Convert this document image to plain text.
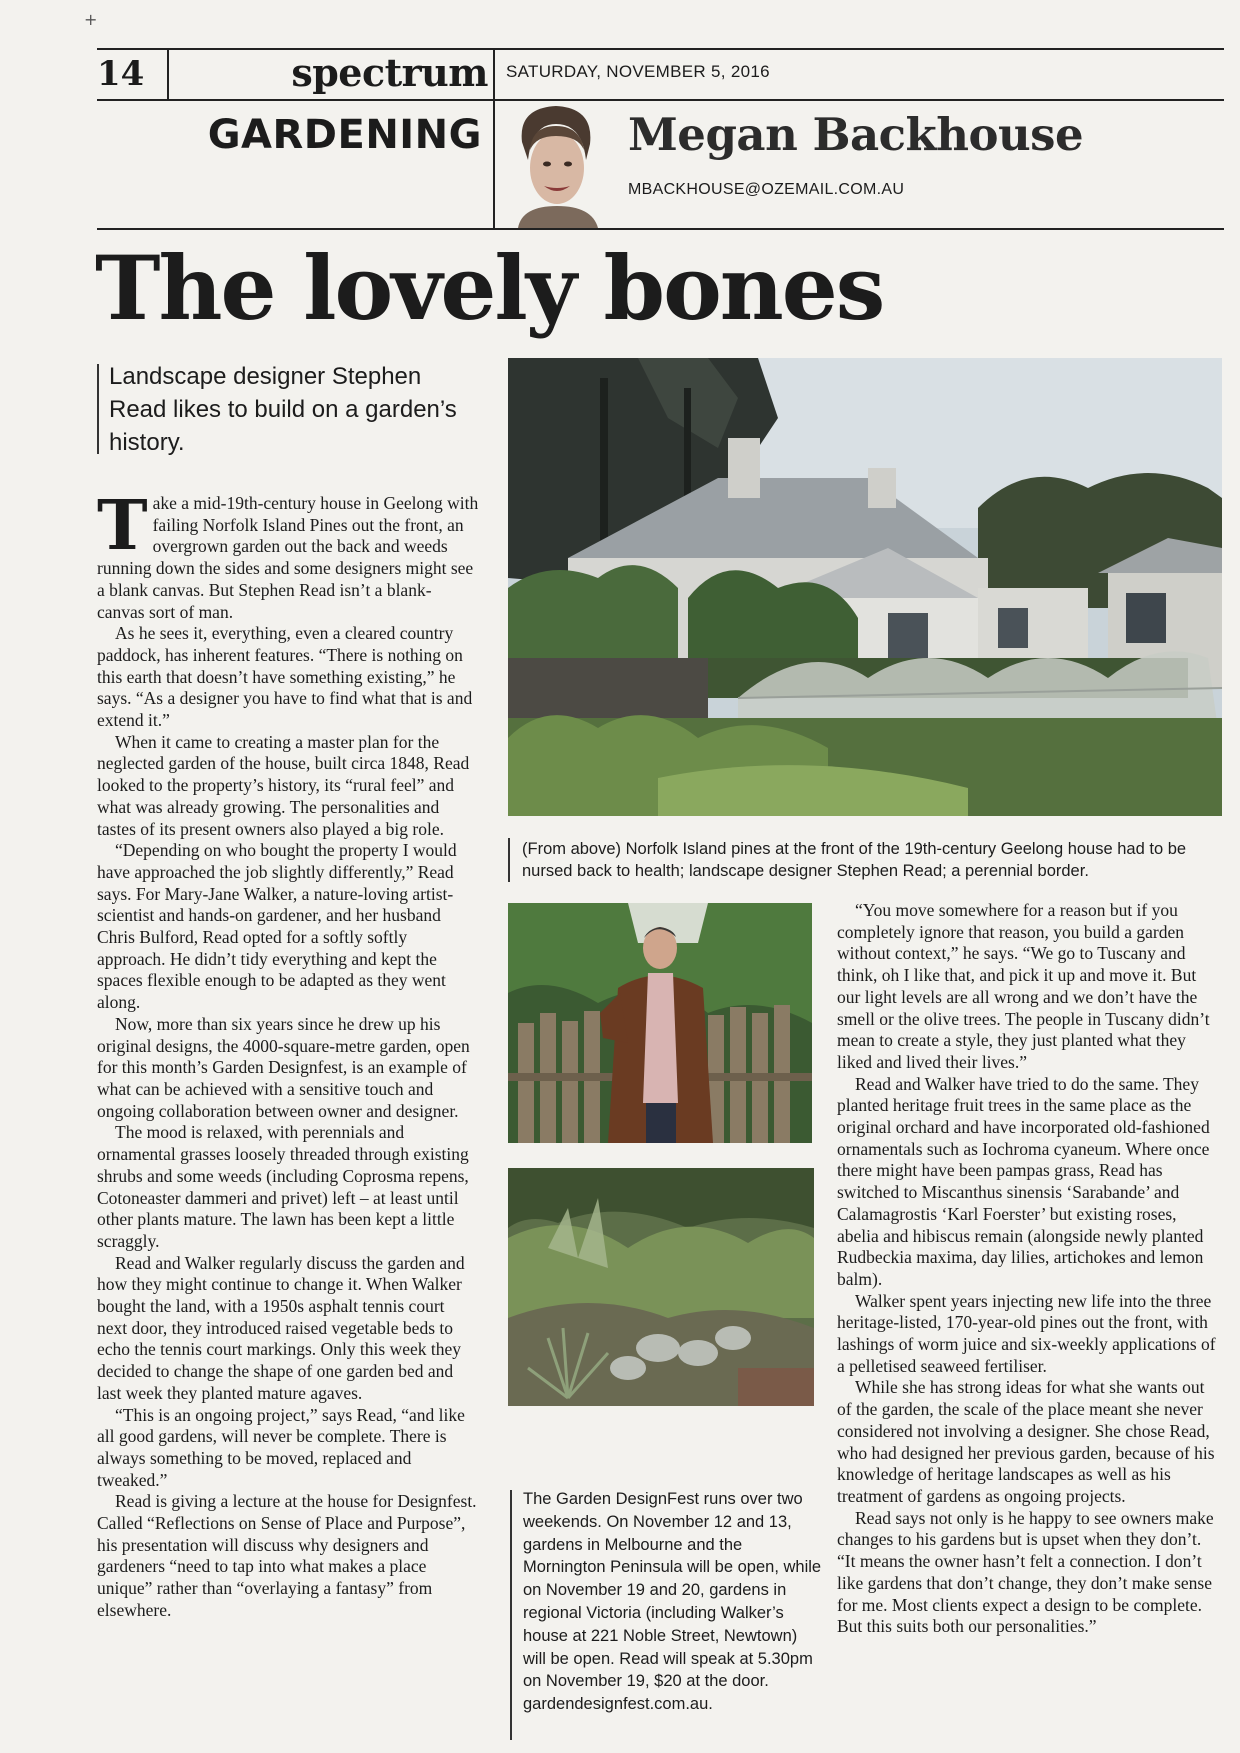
+
14	spectrum SATURDAY, NOVEMBER 5, 2016
GARDENING	Megan Backhouse
MBACKHOUSE@OZEMAIL.COM.AU
The lovely bones
Landscape designer Stephen Read likes to build on a garden’s history.

Take a mid-19th-century house in Geelong with failing Norfolk Island Pines out the front, an overgrown garden out the back and weeds running down the sides and some designers might see a blank canvas. But Stephen Read isn’t a blank-canvas sort of man.

As he sees it, everything, even a cleared country paddock, has inherent features. “There is nothing on this earth that doesn’t have something existing,” he says. “As a designer you have to find what that is and extend it.”

When it came to creating a master plan for the neglected garden of the house, built circa 1848, Read looked to the property’s history, its “rural feel” and what was already growing. The personalities and tastes of its present owners also played a big role.

“Depending on who bought the property I would have approached the job slightly differently,” Read says. For Mary-Jane Walker, a nature-loving artist-scientist and hands-on gardener, and her husband Chris Bulford, Read opted for a softly softly approach. He didn’t tidy everything and kept the spaces flexible enough to be adapted as they went along.

Now, more than six years since he drew up his original designs, the 4000-square-metre garden, open for this month’s Garden Designfest, is an example of what can be achieved with a sensitive touch and ongoing collaboration between owner and designer.

The mood is relaxed, with perennials and ornamental grasses loosely threaded through existing shrubs and some weeds (including Coprosma repens, Cotoneaster dammeri and privet) left – at least until other plants mature. The lawn has been kept a little scraggly.

Read and Walker regularly discuss the garden and how they might continue to change it. When Walker bought the land, with a 1950s asphalt tennis court next door, they introduced raised vegetable beds to echo the tennis court markings. Only this week they decided to change the shape of one garden bed and last week they planted mature agaves.

“This is an ongoing project,” says Read, “and like all good gardens, will never be complete. There is always something to be moved, replaced and tweaked.”

Read is giving a lecture at the house for Designfest. Called “Reflections on Sense of Place and Purpose”, his presentation will discuss why designers and gardeners “need to tap into what makes a place unique” rather than “overlaying a fantasy” from elsewhere.

(From above) Norfolk Island pines at the front of the 19th-century Geelong house had to be nursed back to health; landscape designer Stephen Read; a perennial border.
The Garden DesignFest runs over two weekends. On November 12 and 13, gardens in Melbourne and the Mornington Peninsula will be open, while on November 19 and 20, gardens in regional Victoria (including Walker’s house at 221 Noble Street, Newtown) will be open. Read will speak at 5.30pm on November 19, $20 at the door. gardendesignfest.com.au.

“You move somewhere for a reason but if you completely ignore that reason, you build a garden without context,” he says. “We go to Tuscany and think, oh I like that, and pick it up and move it. But our light levels are all wrong and we don’t have the smell or the olive trees. The people in Tuscany didn’t mean to create a style, they just planted what they liked and lived their lives.”

Read and Walker have tried to do the same. They planted heritage fruit trees in the same place as the original orchard and have incorporated old-fashioned ornamentals such as Iochroma cyaneum. Where once there might have been pampas grass, Read has switched to Miscanthus sinensis ‘Sarabande’ and Calamagrostis ‘Karl Foerster’ but existing roses, abelia and hibiscus remain (alongside newly planted Rudbeckia maxima, day lilies, artichokes and lemon balm).

Walker spent years injecting new life into the three heritage-listed, 170-year-old pines out the front, with lashings of worm juice and six-weekly applications of a pelletised seaweed fertiliser.

While she has strong ideas for what she wants out of the garden, the scale of the place meant she never considered not involving a designer. She chose Read, who had designed her previous garden, because of his knowledge of heritage landscapes as well as his treatment of gardens as ongoing projects.

Read says not only is he happy to see owners make changes to his gardens but is upset when they don’t. “It means the owner hasn’t felt a connection. I don’t like gardens that don’t change, they don’t make sense for me. Most clients expect a design to be complete. But this suits both our personalities.”
